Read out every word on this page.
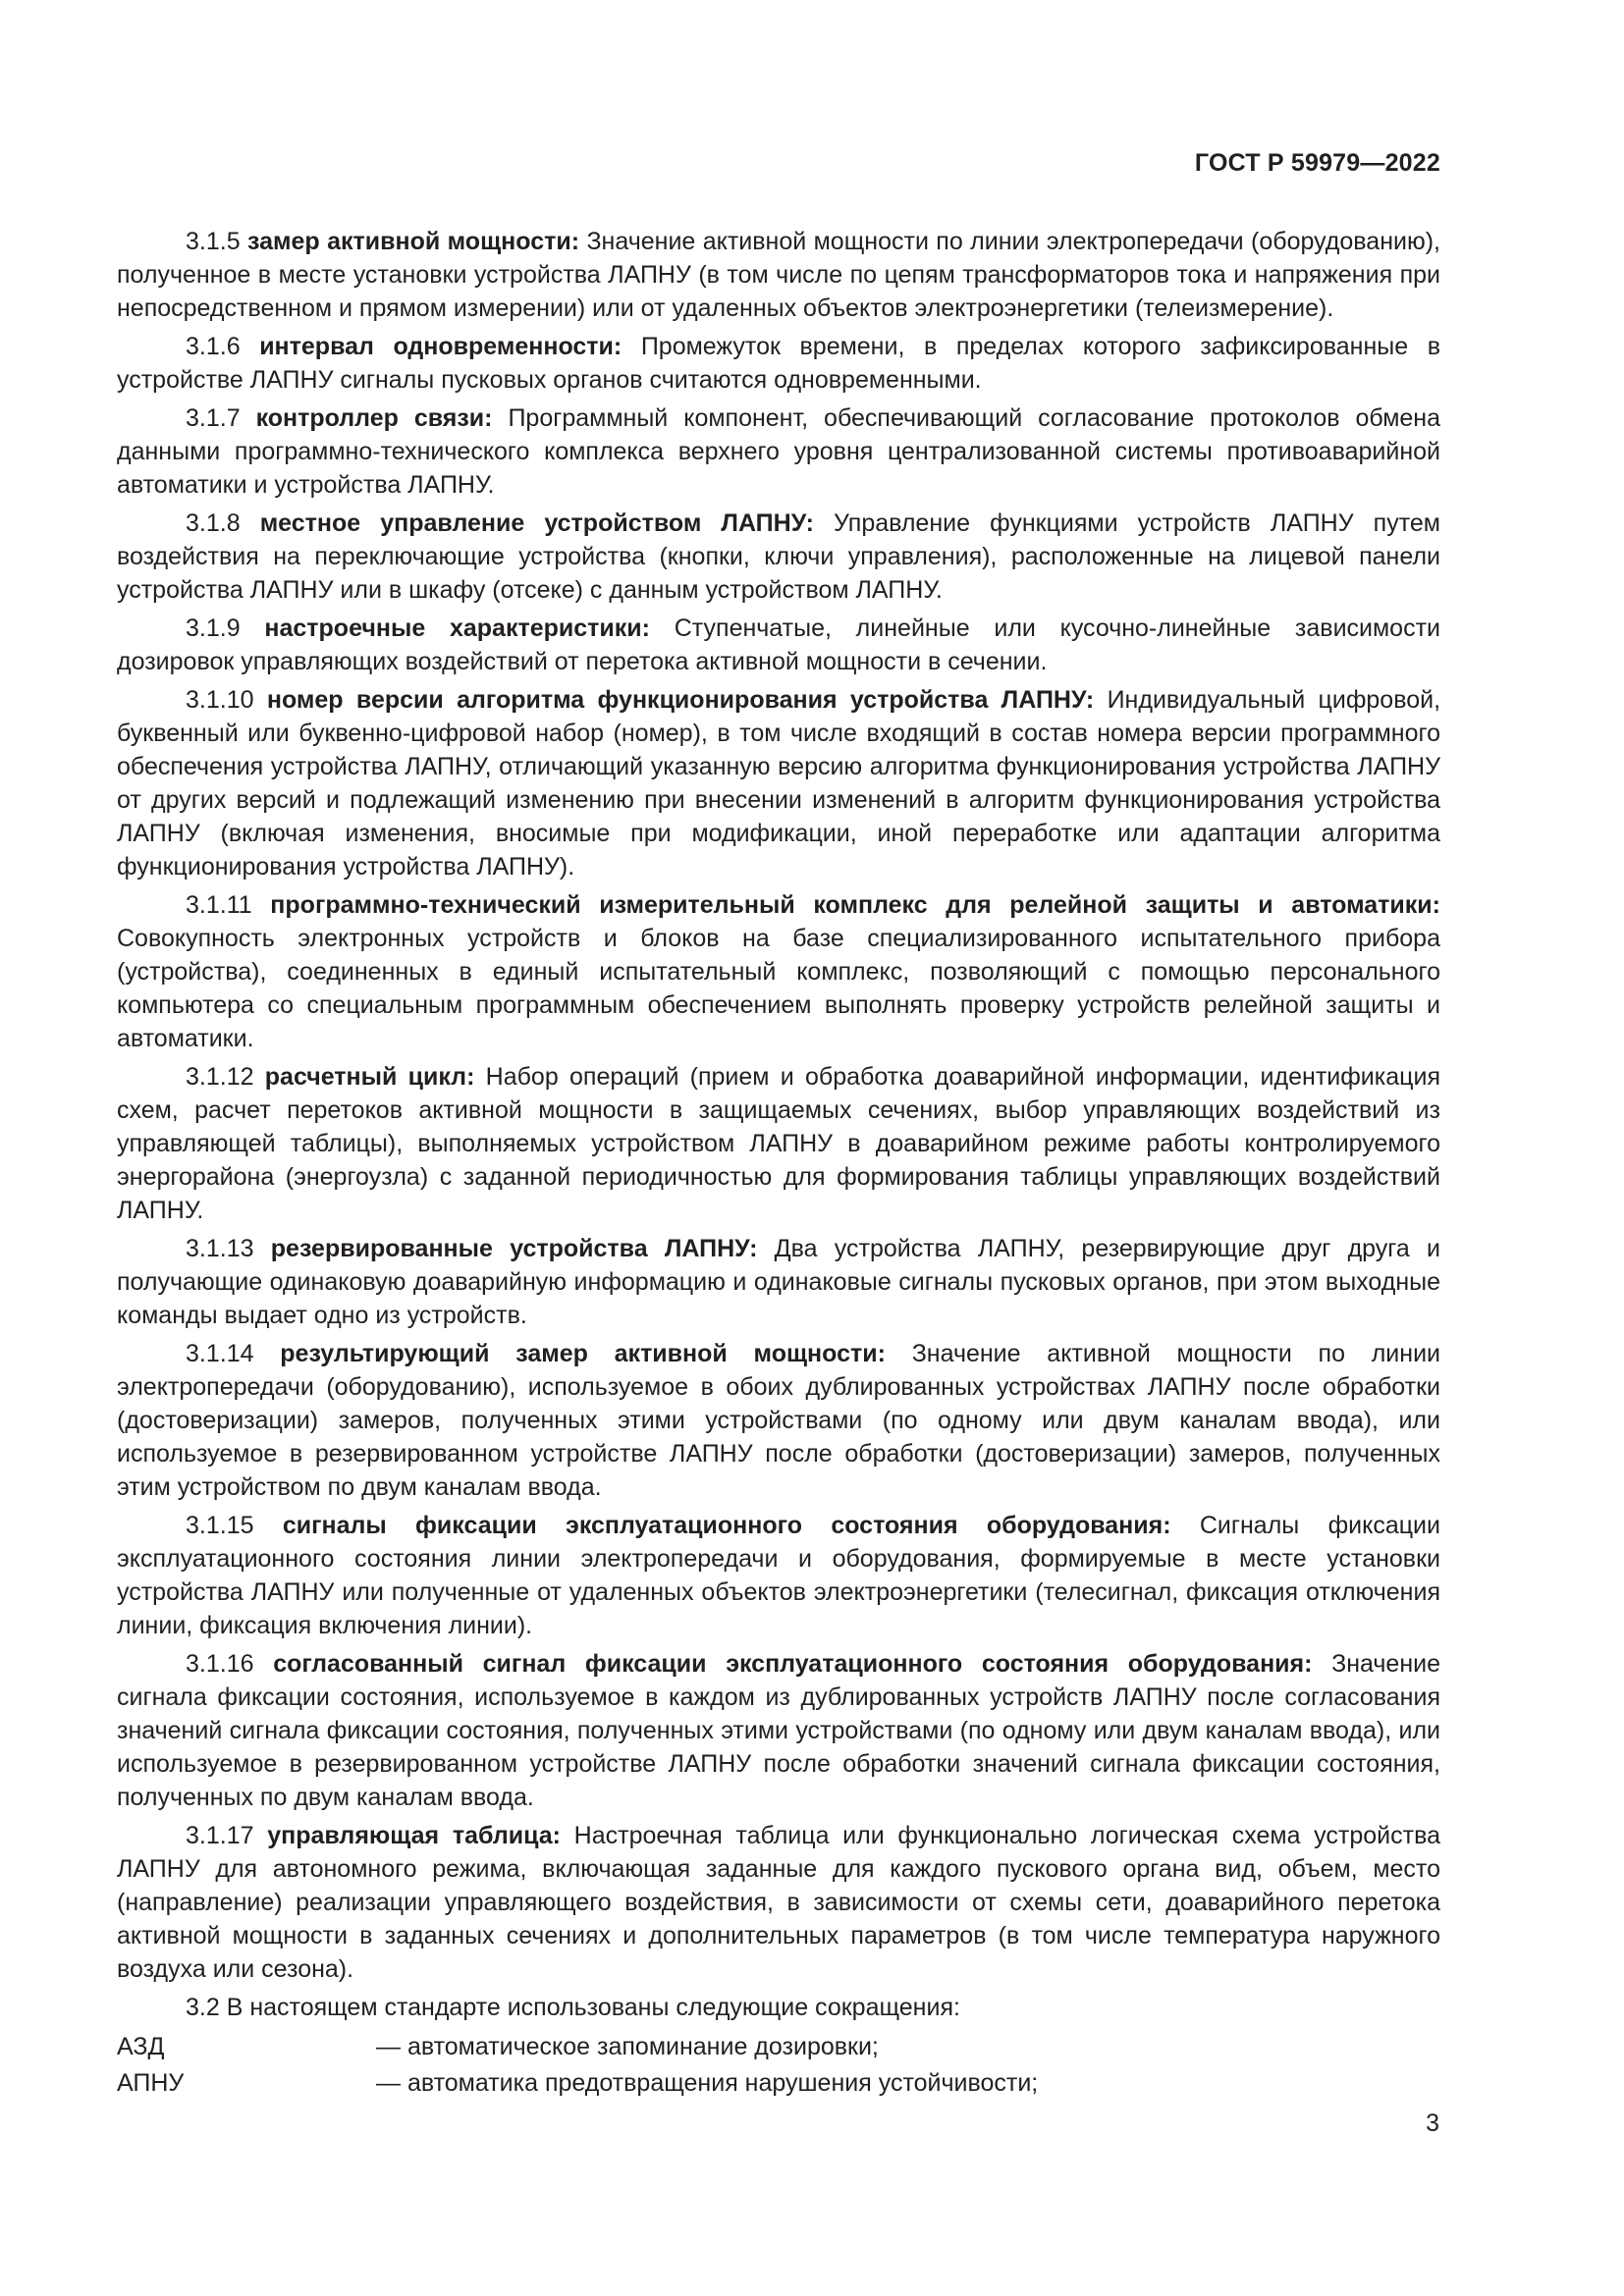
ГОСТ Р 59979—2022

3.1.5 замер активной мощности: Значение активной мощности по линии электропередачи (оборудованию), полученное в месте установки устройства ЛАПНУ (в том числе по цепям трансформаторов тока и напряжения при непосредственном и прямом измерении) или от удаленных объектов электроэнергетики (телеизмерение).

3.1.6 интервал одновременности: Промежуток времени, в пределах которого зафиксированные в устройстве ЛАПНУ сигналы пусковых органов считаются одновременными.

3.1.7 контроллер связи: Программный компонент, обеспечивающий согласование протоколов обмена данными программно-технического комплекса верхнего уровня централизованной системы противоаварийной автоматики и устройства ЛАПНУ.

3.1.8 местное управление устройством ЛАПНУ: Управление функциями устройств ЛАПНУ путем воздействия на переключающие устройства (кнопки, ключи управления), расположенные на лицевой панели устройства ЛАПНУ или в шкафу (отсеке) с данным устройством ЛАПНУ.

3.1.9 настроечные характеристики: Ступенчатые, линейные или кусочно-линейные зависимости дозировок управляющих воздействий от перетока активной мощности в сечении.

3.1.10 номер версии алгоритма функционирования устройства ЛАПНУ: Индивидуальный цифровой, буквенный или буквенно-цифровой набор (номер), в том числе входящий в состав номера версии программного обеспечения устройства ЛАПНУ, отличающий указанную версию алгоритма функционирования устройства ЛАПНУ от других версий и подлежащий изменению при внесении изменений в алгоритм функционирования устройства ЛАПНУ (включая изменения, вносимые при модификации, иной переработке или адаптации алгоритма функционирования устройства ЛАПНУ).

3.1.11 программно-технический измерительный комплекс для релейной защиты и автоматики: Совокупность электронных устройств и блоков на базе специализированного испытательного прибора (устройства), соединенных в единый испытательный комплекс, позволяющий с помощью персонального компьютера со специальным программным обеспечением выполнять проверку устройств релейной защиты и автоматики.

3.1.12 расчетный цикл: Набор операций (прием и обработка доаварийной информации, идентификация схем, расчет перетоков активной мощности в защищаемых сечениях, выбор управляющих воздействий из управляющей таблицы), выполняемых устройством ЛАПНУ в доаварийном режиме работы контролируемого энергорайона (энергоузла) с заданной периодичностью для формирования таблицы управляющих воздействий ЛАПНУ.

3.1.13 резервированные устройства ЛАПНУ: Два устройства ЛАПНУ, резервирующие друг друга и получающие одинаковую доаварийную информацию и одинаковые сигналы пусковых органов, при этом выходные команды выдает одно из устройств.

3.1.14 результирующий замер активной мощности: Значение активной мощности по линии электропередачи (оборудованию), используемое в обоих дублированных устройствах ЛАПНУ после обработки (достоверизации) замеров, полученных этими устройствами (по одному или двум каналам ввода), или используемое в резервированном устройстве ЛАПНУ после обработки (достоверизации) замеров, полученных этим устройством по двум каналам ввода.

3.1.15 сигналы фиксации эксплуатационного состояния оборудования: Сигналы фиксации эксплуатационного состояния линии электропередачи и оборудования, формируемые в месте установки устройства ЛАПНУ или полученные от удаленных объектов электроэнергетики (телесигнал, фиксация отключения линии, фиксация включения линии).

3.1.16 согласованный сигнал фиксации эксплуатационного состояния оборудования: Значение сигнала фиксации состояния, используемое в каждом из дублированных устройств ЛАПНУ после согласования значений сигнала фиксации состояния, полученных этими устройствами (по одному или двум каналам ввода), или используемое в резервированном устройстве ЛАПНУ после обработки значений сигнала фиксации состояния, полученных по двум каналам ввода.

3.1.17 управляющая таблица: Настроечная таблица или функционально логическая схема устройства ЛАПНУ для автономного режима, включающая заданные для каждого пускового органа вид, объем, место (направление) реализации управляющего воздействия, в зависимости от схемы сети, доаварийного перетока активной мощности в заданных сечениях и дополнительных параметров (в том числе температура наружного воздуха или сезона).

3.2 В настоящем стандарте использованы следующие сокращения:

АЗД	— автоматическое запоминание дозировки;
АПНУ	— автоматика предотвращения нарушения устойчивости;
3
